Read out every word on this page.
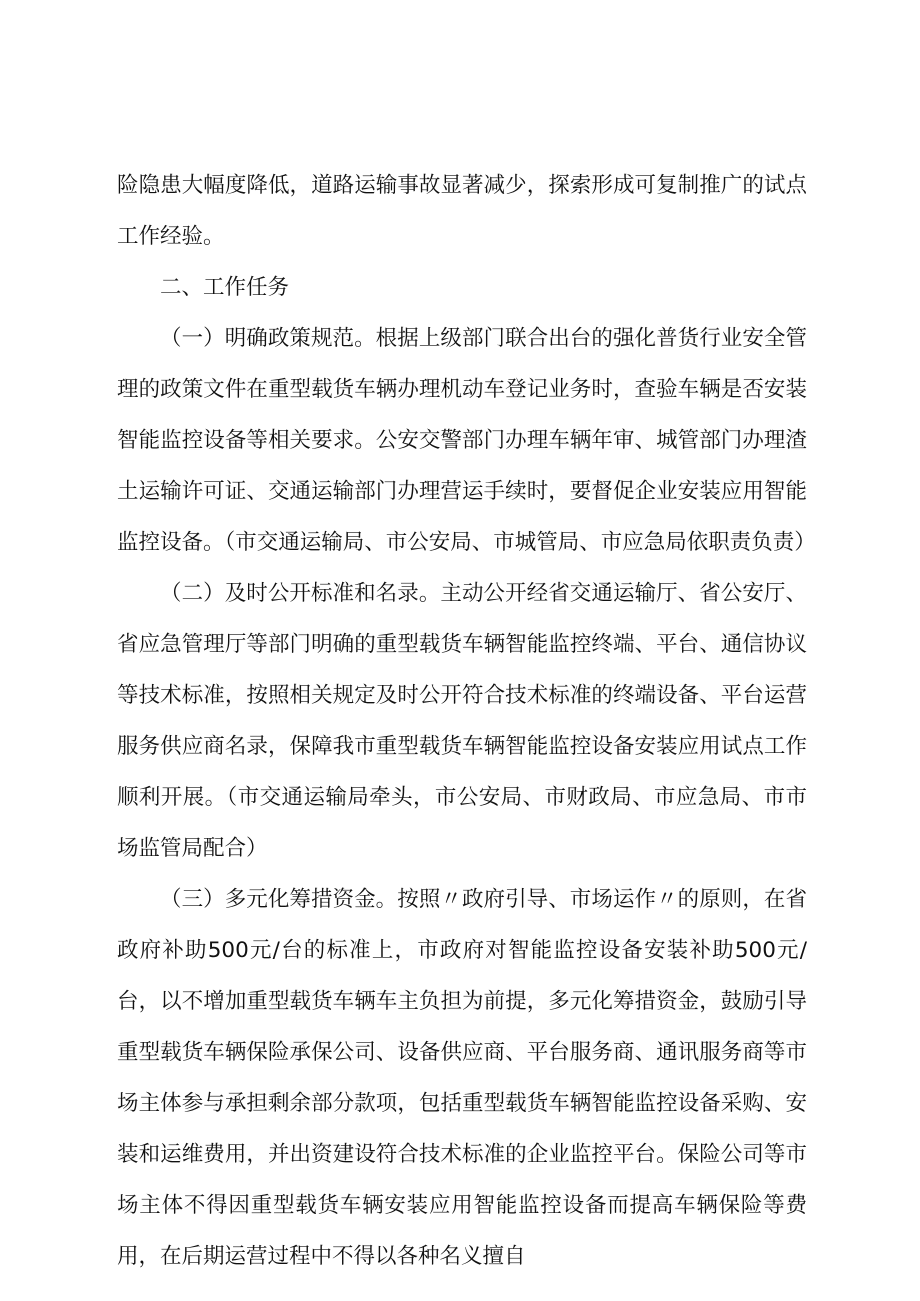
险隐患大幅度降低，道路运输事故显著减少，探索形成可复制推广的试点工作经验。

二、工作任务

（一）明确政策规范。根据上级部门联合出台的强化普货行业安全管理的政策文件在重型载货车辆办理机动车登记业务时，查验车辆是否安装智能监控设备等相关要求。公安交警部门办理车辆年审、城管部门办理渣土运输许可证、交通运输部门办理营运手续时，要督促企业安装应用智能监控设备。（市交通运输局、市公安局、市城管局、市应急局依职责负责）

（二）及时公开标准和名录。主动公开经省交通运输厅、省公安厅、省应急管理厅等部门明确的重型载货车辆智能监控终端、平台、通信协议等技术标准，按照相关规定及时公开符合技术标准的终端设备、平台运营服务供应商名录，保障我市重型载货车辆智能监控设备安装应用试点工作顺利开展。（市交通运输局牵头，市公安局、市财政局、市应急局、市市场监管局配合）

（三）多元化筹措资金。按照〃政府引导、市场运作〃的原则，在省政府补助500元/台的标准上，市政府对智能监控设备安装补助500元/台，以不增加重型载货车辆车主负担为前提，多元化筹措资金，鼓励引导重型载货车辆保险承保公司、设备供应商、平台服务商、通讯服务商等市场主体参与承担剩余部分款项，包括重型载货车辆智能监控设备采购、安装和运维费用，并出资建设符合技术标准的企业监控平台。保险公司等市场主体不得因重型载货车辆安装应用智能监控设备而提高车辆保险等费用，在后期运营过程中不得以各种名义擅自
